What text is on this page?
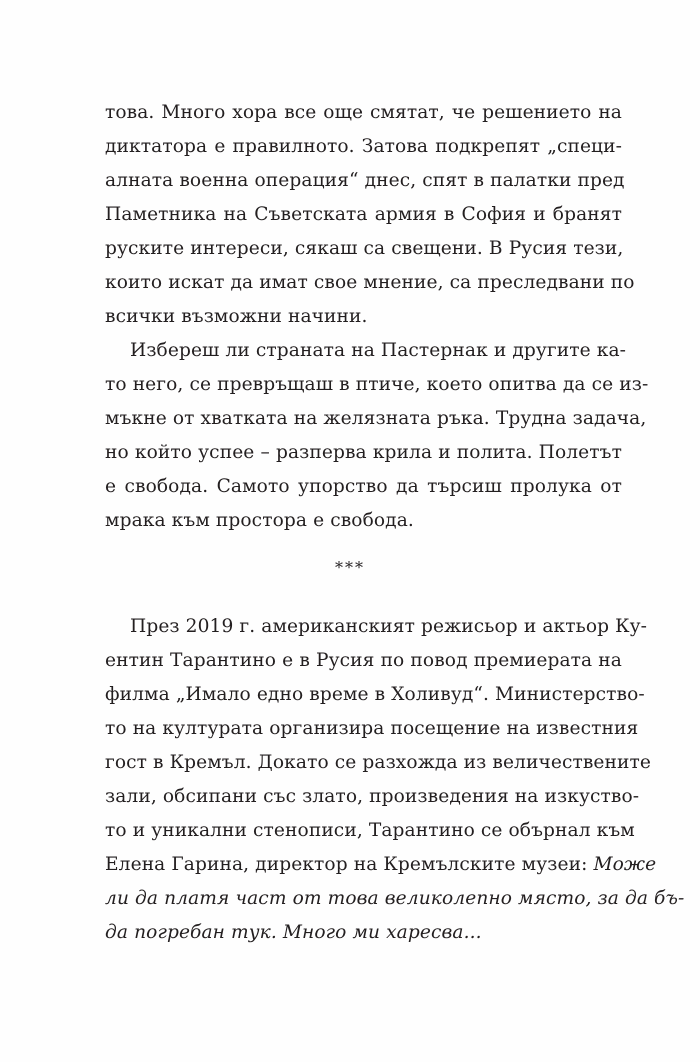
това. Много хора все още смятат, че решението на

диктатора е правилното. Затова подкрепят „специ-

алната военна операция“ днес, спят в палатки пред

Паметника на Съветската армия в София и бранят

руските интереси, сякаш са свещени. В Русия тези,

които искат да имат свое мнение, са преследвани по

всички възможни начини.

Избереш ли страната на Пастернак и другите ка-

то него, се превръщаш в птиче, което опитва да се из-

мъкне от хватката на желязната ръка. Трудна задача,

но който успее – разперва крила и полита. Полетът

е свобода. Самото упорство да търсиш пролука от

мрака към простора е свобода.

***

През 2019 г. американският режисьор и актьор Ку-

ентин Тарантино е в Русия по повод премиерата на

филма „Имало едно време в Холивуд“. Министерство-

то на културата организира посещение на известния

гост в Кремъл. Докато се разхожда из величествените

зали, обсипани със злато, произведения на изкуство-

то и уникални стенописи, Тарантино се обърнал към

Елена Гарина, директор на Кремълските музеи: Може

ли да платя част от това великолепно място, за да бъ-

да погребан тук. Много ми харесва...
